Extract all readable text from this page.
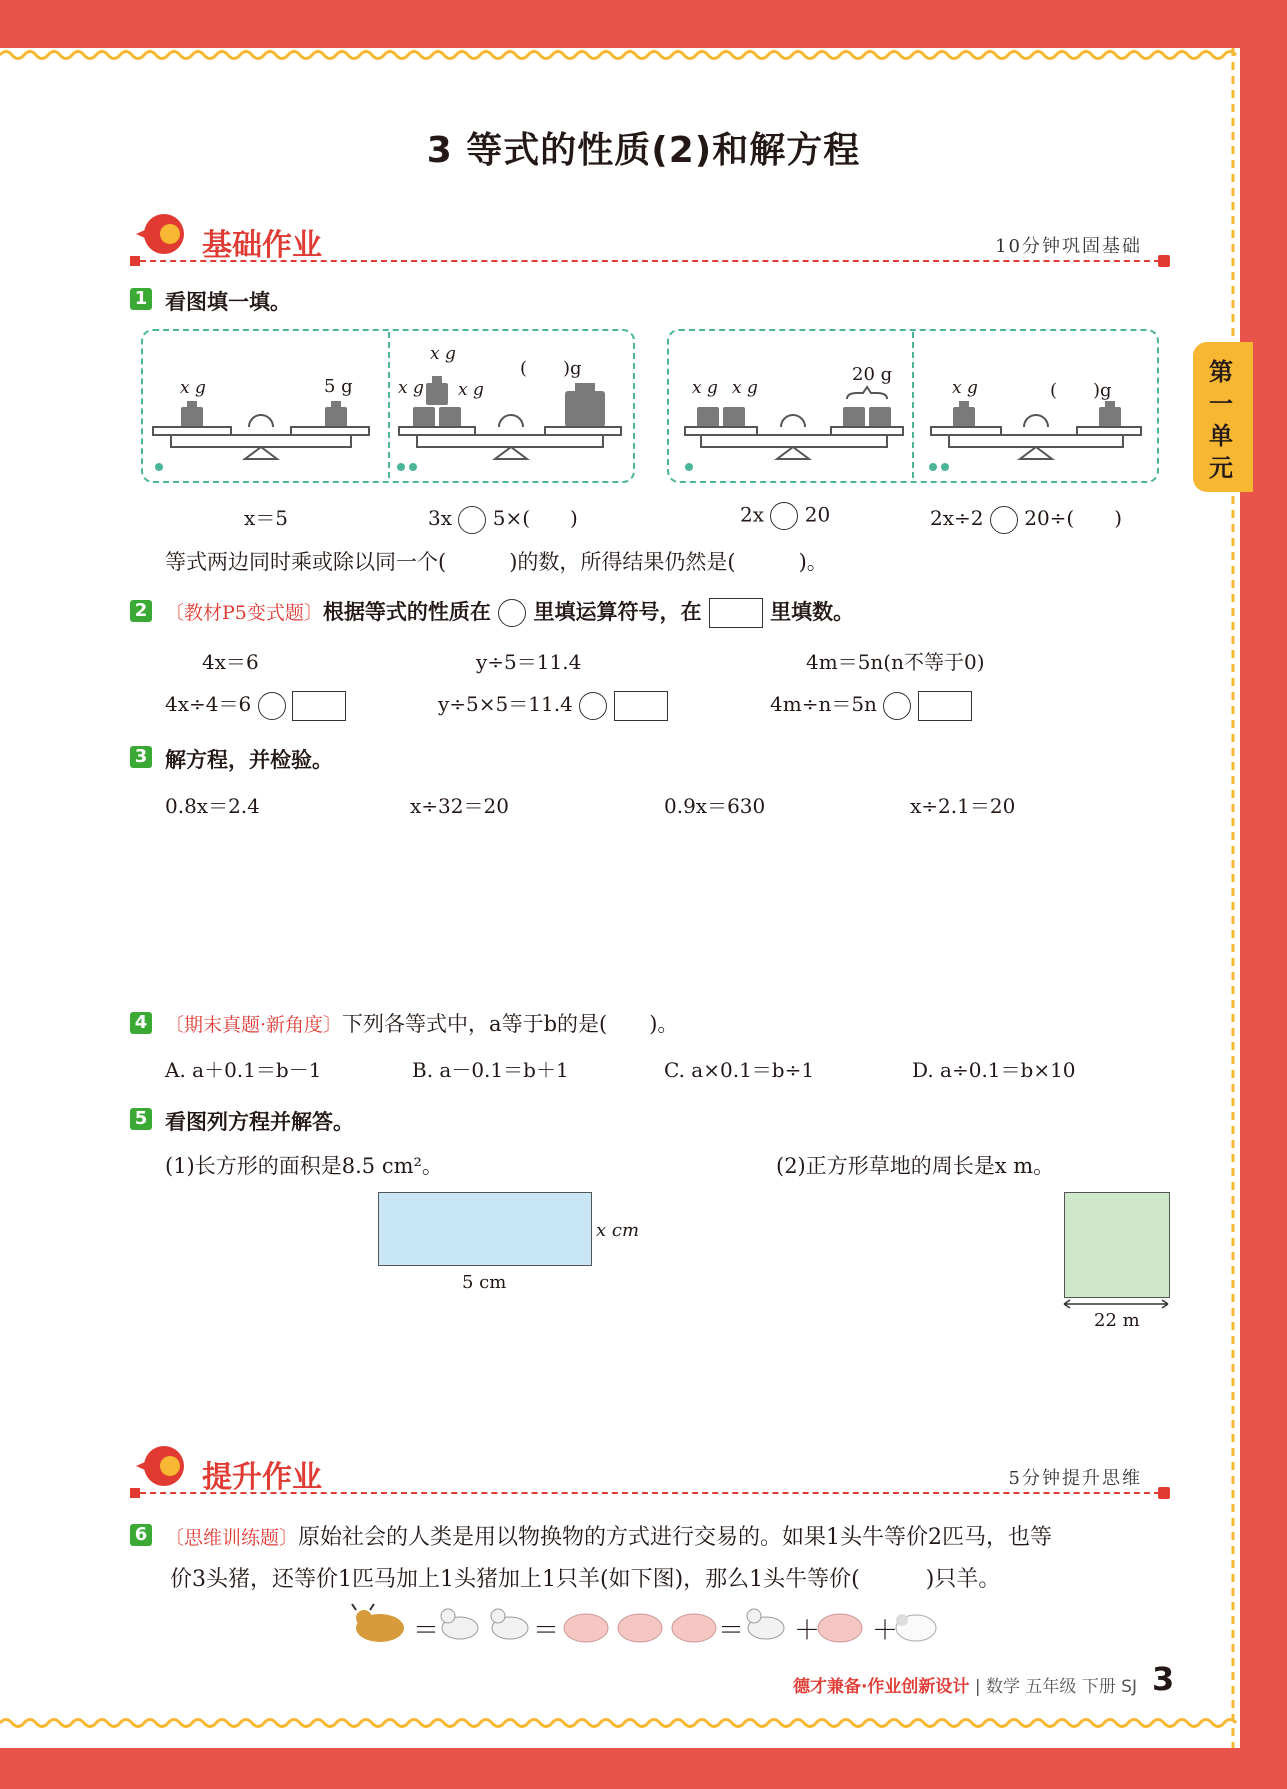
第
一
单
元
3 等式的性质(2)和解方程
基础作业	10分钟巩固基础
1 看图填一填。
x g	5 g
x g
x g x g
(　　)g
x g x g
20 g
x g	(　　)g
x＝5	3x 5×(　　)	2x 20	2x÷2 20÷(　　)
等式两边同时乘或除以同一个(　　　)的数，所得结果仍然是(　　　)。
2 〔教材P5变式题〕根据等式的性质在 里填运算符号，在	里填数。
4x＝6	y÷5＝11.4	4m＝5n(n不等于0)
4x÷4＝6	y÷5×5＝11.4	4m÷n＝5n
3 解方程，并检验。
0.8x＝2.4	x÷32＝20	0.9x＝630	x÷2.1＝20
4 〔期末真题·新角度〕下列各等式中，a等于b的是(　　)。
A. a＋0.1＝b－1	B. a－0.1＝b＋1	C. a×0.1＝b÷1	D. a÷0.1＝b×10
5 看图列方程并解答。
(1)长方形的面积是8.5 cm²。	(2)正方形草地的周长是x m。
x cm
5 cm
22 m
提升作业	5分钟提升思维
6 〔思维训练题〕原始社会的人类是用以物换物的方式进行交易的。如果1头牛等价2匹马，也等
价3头猪，还等价1匹马加上1头猪加上1只羊(如下图)，那么1头牛等价(　　　)只羊。
＝	＝	＝ ＋ ＋
德才兼备·作业创新设计 | 数学 五年级 下册 SJ 3
